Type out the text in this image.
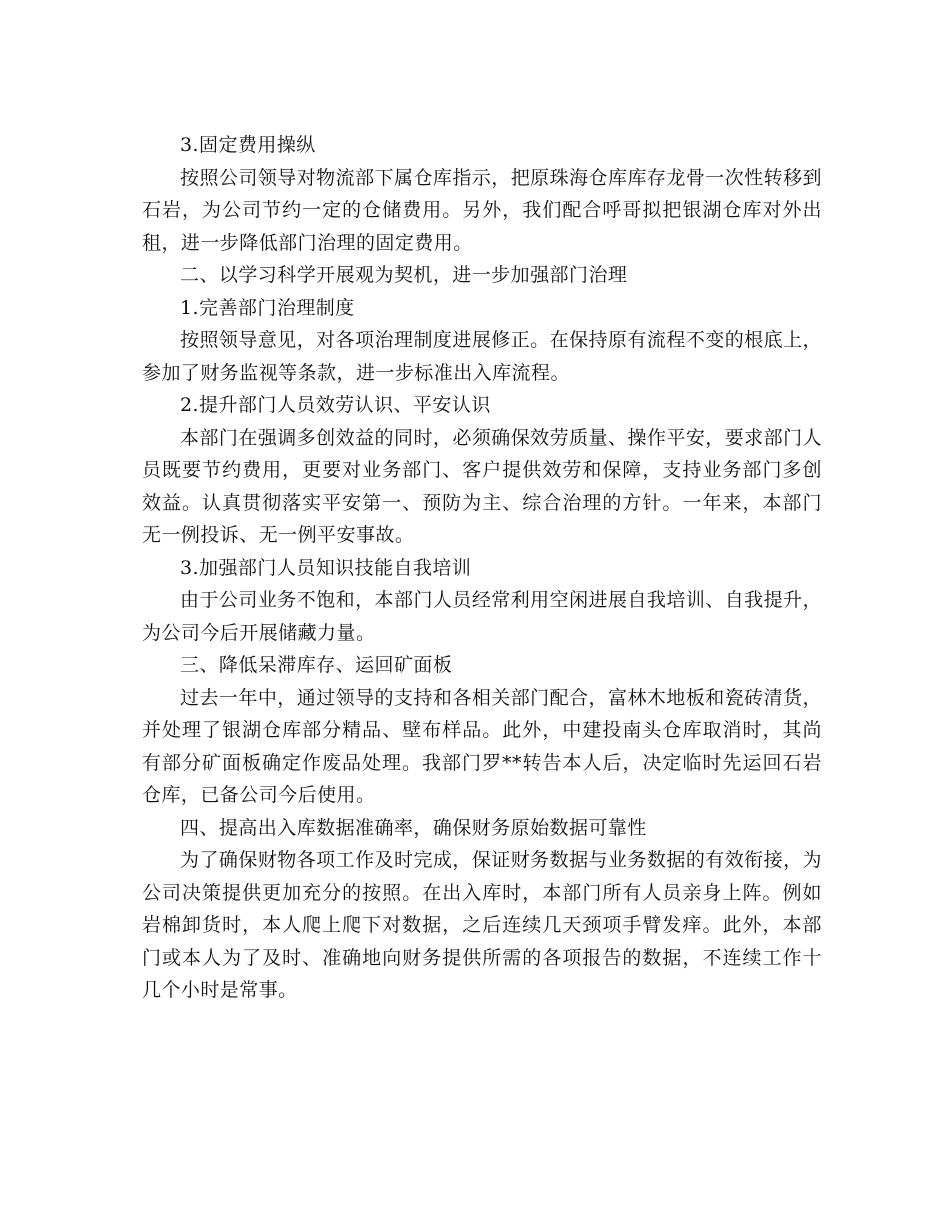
3.固定费用操纵

按照公司领导对物流部下属仓库指示，把原珠海仓库库存龙骨一次性转移到石岩，为公司节约一定的仓储费用。另外，我们配合呼哥拟把银湖仓库对外出租，进一步降低部门治理的固定费用。

二、以学习科学开展观为契机，进一步加强部门治理

1.完善部门治理制度

按照领导意见，对各项治理制度进展修正。在保持原有流程不变的根底上，参加了财务监视等条款，进一步标准出入库流程。

2.提升部门人员效劳认识、平安认识

本部门在强调多创效益的同时，必须确保效劳质量、操作平安，要求部门人员既要节约费用，更要对业务部门、客户提供效劳和保障，支持业务部门多创效益。认真贯彻落实平安第一、预防为主、综合治理的方针。一年来，本部门无一例投诉、无一例平安事故。

3.加强部门人员知识技能自我培训

由于公司业务不饱和，本部门人员经常利用空闲进展自我培训、自我提升，为公司今后开展储藏力量。

三、降低呆滞库存、运回矿面板

过去一年中，通过领导的支持和各相关部门配合，富林木地板和瓷砖清货，并处理了银湖仓库部分精品、壁布样品。此外，中建投南头仓库取消时，其尚有部分矿面板确定作废品处理。我部门罗**转告本人后，决定临时先运回石岩仓库，已备公司今后使用。

四、提高出入库数据准确率，确保财务原始数据可靠性

为了确保财物各项工作及时完成，保证财务数据与业务数据的有效衔接，为公司决策提供更加充分的按照。在出入库时，本部门所有人员亲身上阵。例如岩棉卸货时，本人爬上爬下对数据，之后连续几天颈项手臂发痒。此外，本部门或本人为了及时、准确地向财务提供所需的各项报告的数据，不连续工作十几个小时是常事。
